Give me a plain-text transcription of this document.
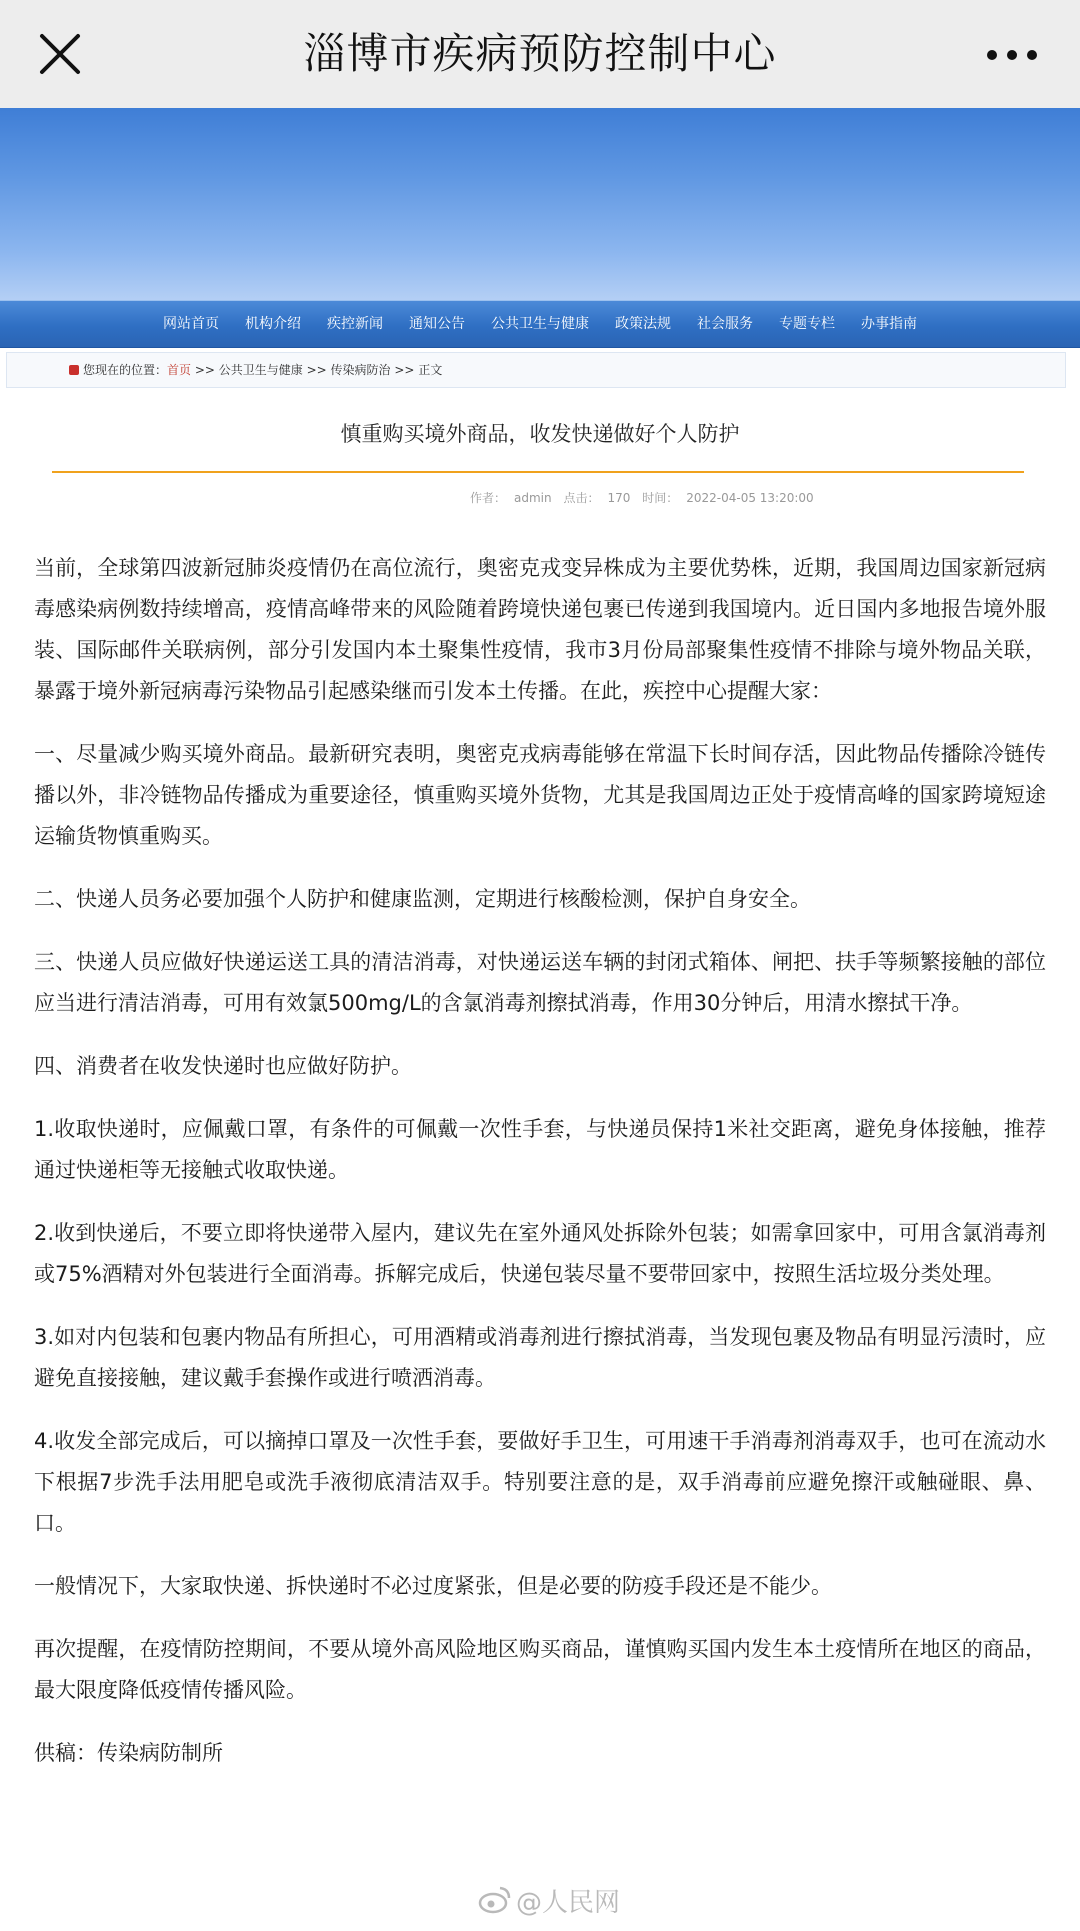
淄博市疾病预防控制中心
网站首页	机构介绍	疾控新闻	通知公告	公共卫生与健康	政策法规	社会服务	专题专栏	办事指南
您现在的位置：首页 >> 公共卫生与健康 >> 传染病防治 >> 正文
慎重购买境外商品，收发快递做好个人防护
作者： admin 点击： 170 时间： 2022-04-05 13:20:00

当前，全球第四波新冠肺炎疫情仍在高位流行，奥密克戎变异株成为主要优势株，近期，我国周边国家新冠病毒感染病例数持续增高，疫情高峰带来的风险随着跨境快递包裹已传递到我国境内。近日国内多地报告境外服装、国际邮件关联病例，部分引发国内本土聚集性疫情，我市3月份局部聚集性疫情不排除与境外物品关联，暴露于境外新冠病毒污染物品引起感染继而引发本土传播。在此，疾控中心提醒大家：

一、尽量减少购买境外商品。最新研究表明，奥密克戎病毒能够在常温下长时间存活，因此物品传播除冷链传播以外，非冷链物品传播成为重要途径，慎重购买境外货物，尤其是我国周边正处于疫情高峰的国家跨境短途运输货物慎重购买。

二、快递人员务必要加强个人防护和健康监测，定期进行核酸检测，保护自身安全。

三、快递人员应做好快递运送工具的清洁消毒，对快递运送车辆的封闭式箱体、闸把、扶手等频繁接触的部位应当进行清洁消毒，可用有效氯500mg/L的含氯消毒剂擦拭消毒，作用30分钟后，用清水擦拭干净。

四、消费者在收发快递时也应做好防护。

1.收取快递时，应佩戴口罩，有条件的可佩戴一次性手套，与快递员保持1米社交距离，避免身体接触，推荐通过快递柜等无接触式收取快递。

2.收到快递后，不要立即将快递带入屋内，建议先在室外通风处拆除外包装；如需拿回家中，可用含氯消毒剂或75%酒精对外包装进行全面消毒。拆解完成后，快递包装尽量不要带回家中，按照生活垃圾分类处理。

3.如对内包装和包裹内物品有所担心，可用酒精或消毒剂进行擦拭消毒，当发现包裹及物品有明显污渍时，应避免直接接触，建议戴手套操作或进行喷洒消毒。

4.收发全部完成后，可以摘掉口罩及一次性手套，要做好手卫生，可用速干手消毒剂消毒双手，也可在流动水下根据7步洗手法用肥皂或洗手液彻底清洁双手。特别要注意的是，双手消毒前应避免擦汗或触碰眼、鼻、口。

一般情况下，大家取快递、拆快递时不必过度紧张，但是必要的防疫手段还是不能少。

再次提醒，在疫情防控期间，不要从境外高风险地区购买商品，谨慎购买国内发生本土疫情所在地区的商品，最大限度降低疫情传播风险。

供稿：传染病防制所

@人民网
